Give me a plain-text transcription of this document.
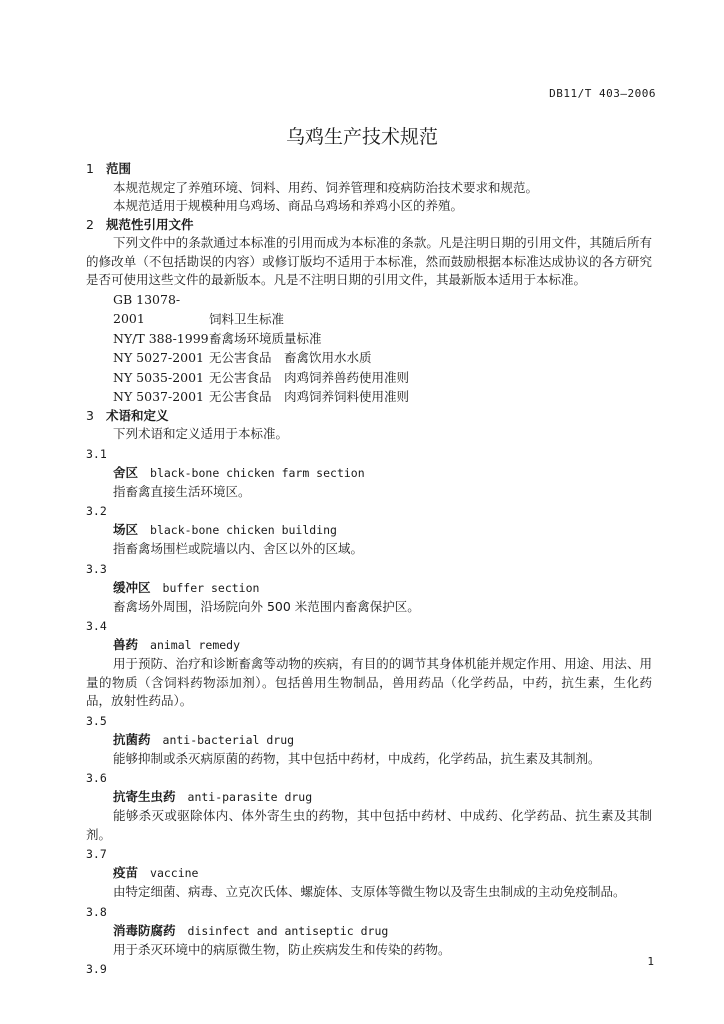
DB11/T 403—2006
乌鸡生产技术规范
1 范围
本规范规定了养殖环境、饲料、用药、饲养管理和疫病防治技术要求和规范。
本规范适用于规模种用乌鸡场、商品乌鸡场和养鸡小区的养殖。
2 规范性引用文件
下列文件中的条款通过本标准的引用而成为本标准的条款。凡是注明日期的引用文件，其随后所有的修改单（不包括勘误的内容）或修订版均不适用于本标准，然而鼓励根据本标准达成协议的各方研究是否可使用这些文件的最新版本。凡是不注明日期的引用文件，其最新版本适用于本标准。
GB 13078-2001	饲料卫生标准
NY/T 388-1999畜禽场环境质量标准
NY 5027-2001 无公害食品　畜禽饮用水水质
NY 5035-2001 无公害食品　肉鸡饲养兽药使用准则
NY 5037-2001 无公害食品　肉鸡饲养饲料使用准则
3 术语和定义
下列术语和定义适用于本标准。
3.1
舍区 black-bone chicken farm section
指畜禽直接生活环境区。
3.2
场区 black-bone chicken building
指畜禽场围栏或院墙以内、舍区以外的区域。
3.3
缓冲区 buffer section
畜禽场外周围，沿场院向外 500 米范围内畜禽保护区。
3.4
兽药 animal remedy
用于预防、治疗和诊断畜禽等动物的疾病，有目的的调节其身体机能并规定作用、用途、用法、用量的物质（含饲料药物添加剂）。包括兽用生物制品，兽用药品（化学药品，中药，抗生素，生化药品，放射性药品）。
3.5
抗菌药 anti-bacterial drug
能够抑制或杀灭病原菌的药物，其中包括中药材，中成药，化学药品，抗生素及其制剂。
3.6
抗寄生虫药 anti-parasite drug
能够杀灭或驱除体内、体外寄生虫的药物，其中包括中药材、中成药、化学药品、抗生素及其制剂。
3.7
疫苗 vaccine
由特定细菌、病毒、立克次氏体、螺旋体、支原体等微生物以及寄生虫制成的主动免疫制品。
3.8
消毒防腐药 disinfect and antiseptic drug
用于杀灭环境中的病原微生物，防止疾病发生和传染的药物。
3.9
1
